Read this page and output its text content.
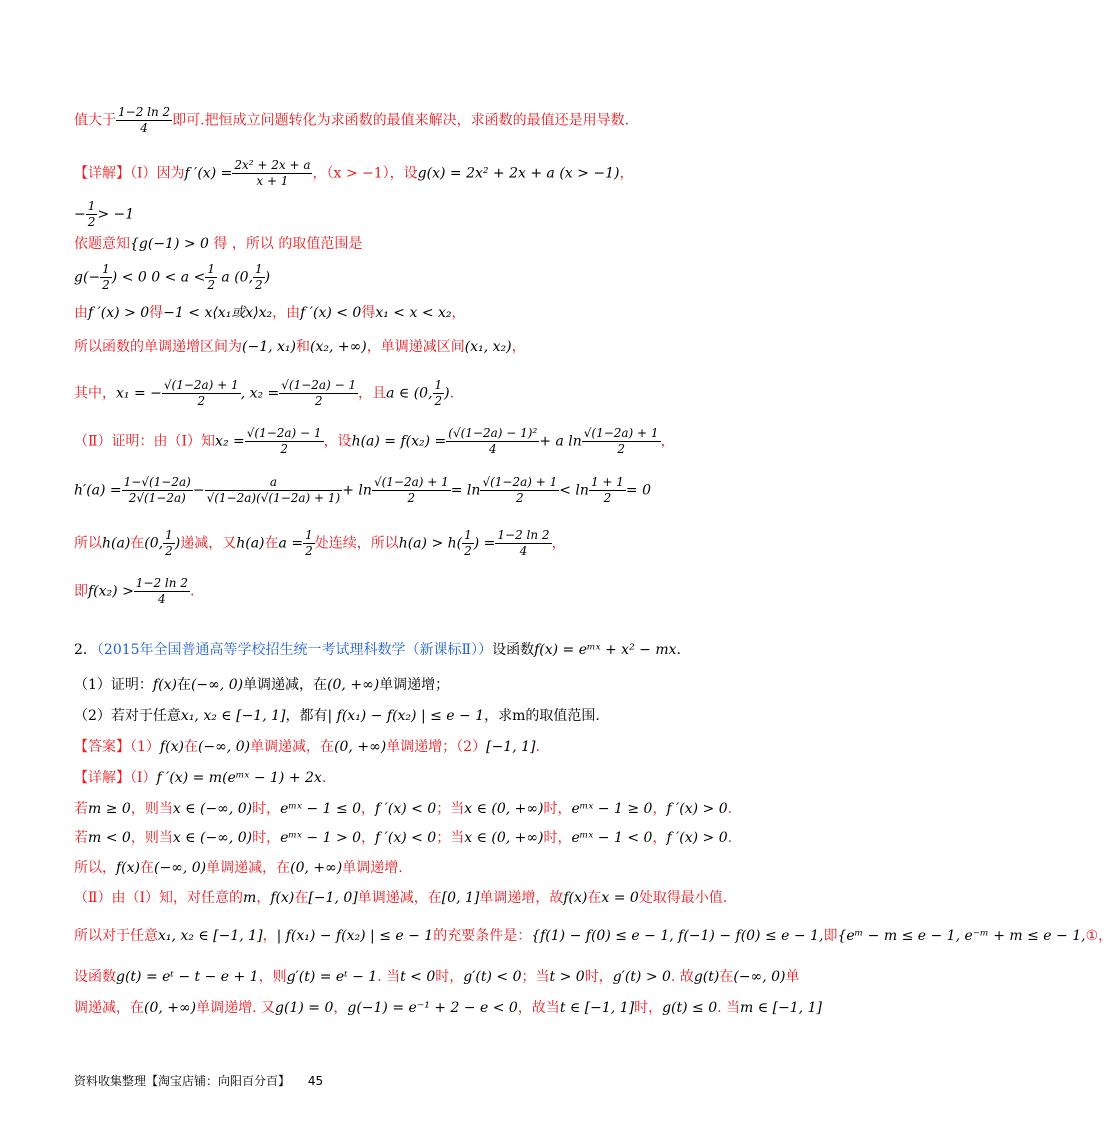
值大于 $\frac{1-2 \ln 2}{4}$ 即可.把恒成立问题转化为求函数的最值来解决，求函数的最值还是用导数.
【详解】（Ⅰ）因为f $'(x) = \frac{\text{2x² + 2x + a}}{x + 1}$ ，（x > −1），设g(x) = 2x² + 2x + a (x > −1)，
− $\frac{1}{2} > -1$
依题意知{g(−1) > 0 得 ，所以 的取值范围是
$g(- \frac{1}{2}$ ) < 0 $0 < a < \frac{1}{2}$ a (0, $\frac{1}{2}$ )
由f ′(x) > 0得−1 < x⟨x₁或x⟩x₂，由f ′(x) < 0得x₁ < x < x₂，
所以函数的单调递增区间为(−1, x₁)和(x₂, +∞)，单调递减区间(x₁, x₂)，
其中，x₁ = − $\frac{√(1-2a) + 1}{2}$ , $x_2 = \frac{√(1-2a) - 1}{2}$ ，且a ∈ (0, $\frac{1}{2}$ ).
（Ⅱ）证明：由（Ⅰ）知$x_2 = \frac{√(1-2a) - 1}{2}$ ，设$h(a) = f(x_2) = \frac{\text{(√(1−2a) − 1)²}}{4} + a$ $\ln \frac{√(1-2a) + 1}{2}$ ，
$h'(a) = \frac{1-√(1-2a)}{2√(1-2a)} - \frac{a}{√(1-2a)(√(1-2a) + 1)} + \ln \frac{√(1-2a) + 1}{2} = \ln \frac{√(1-2a) + 1}{2} < \ln \frac{1 + 1}{2} = 0$
所以h(a)在(0, $\frac{1}{2}$ )递减，又h(a)在$a = \frac{1}{2}$ 处连续，所以$h(a) > h( \frac{1}{2}$ ) = $\frac{1-2 \ln 2}{4}$ ，
即$f(x_2) > \frac{1-2 \ln 2}{4}$ .
2．（2015年全国普通高等学校招生统一考试理科数学（新课标Ⅱ））设函数f(x) = eᵐˣ + x² − mx.
（1）证明：f(x)在(−∞, 0)单调递减，在(0, +∞)单调递增；
（2）若对于任意x₁, x₂ ∈ [−1, 1]，都有| f(x₁) − f(x₂) | ≤ e − 1，求m的取值范围.
【答案】（1）f(x)在(−∞, 0)单调递减，在(0, +∞)单调递增；（2）[−1, 1].
【详解】（Ⅰ）f ′(x) = m(eᵐˣ − 1) + 2x.
若m ≥ 0，则当x ∈ (−∞, 0)时，eᵐˣ − 1 ≤ 0，f ′(x) < 0；当x ∈ (0, +∞)时，eᵐˣ − 1 ≥ 0，f ′(x) > 0.
若m < 0，则当x ∈ (−∞, 0)时，eᵐˣ − 1 > 0，f ′(x) < 0；当x ∈ (0, +∞)时，eᵐˣ − 1 < 0，f ′(x) > 0.
所以，f(x)在(−∞, 0)单调递减，在(0, +∞)单调递增.
（Ⅱ）由（Ⅰ）知，对任意的m，f(x)在[−1, 0]单调递减，在[0, 1]单调递增，故f(x)在x = 0处取得最小值.
所以对于任意x₁, x₂ ∈ [−1, 1]，| f(x₁) − f(x₂) | ≤ e − 1的充要条件是：{f(1) − f(0) ≤ e − 1, f(−1) − f(0) ≤ e − 1,即{eᵐ − m ≤ e − 1, e⁻ᵐ + m ≤ e − 1,①，
设函数g(t) = eᵗ − t − e + 1，则g′(t) = eᵗ − 1. 当t < 0时，g′(t) < 0；当t > 0时，g′(t) > 0. 故g(t)在(−∞, 0)单
调递减，在(0, +∞)单调递增. 又g(1) = 0，g(−1) = e⁻¹ + 2 − e < 0，故当t ∈ [−1, 1]时，g(t) ≤ 0. 当m ∈ [−1, 1]
资料收集整理【淘宝店铺：向阳百分百】 45
